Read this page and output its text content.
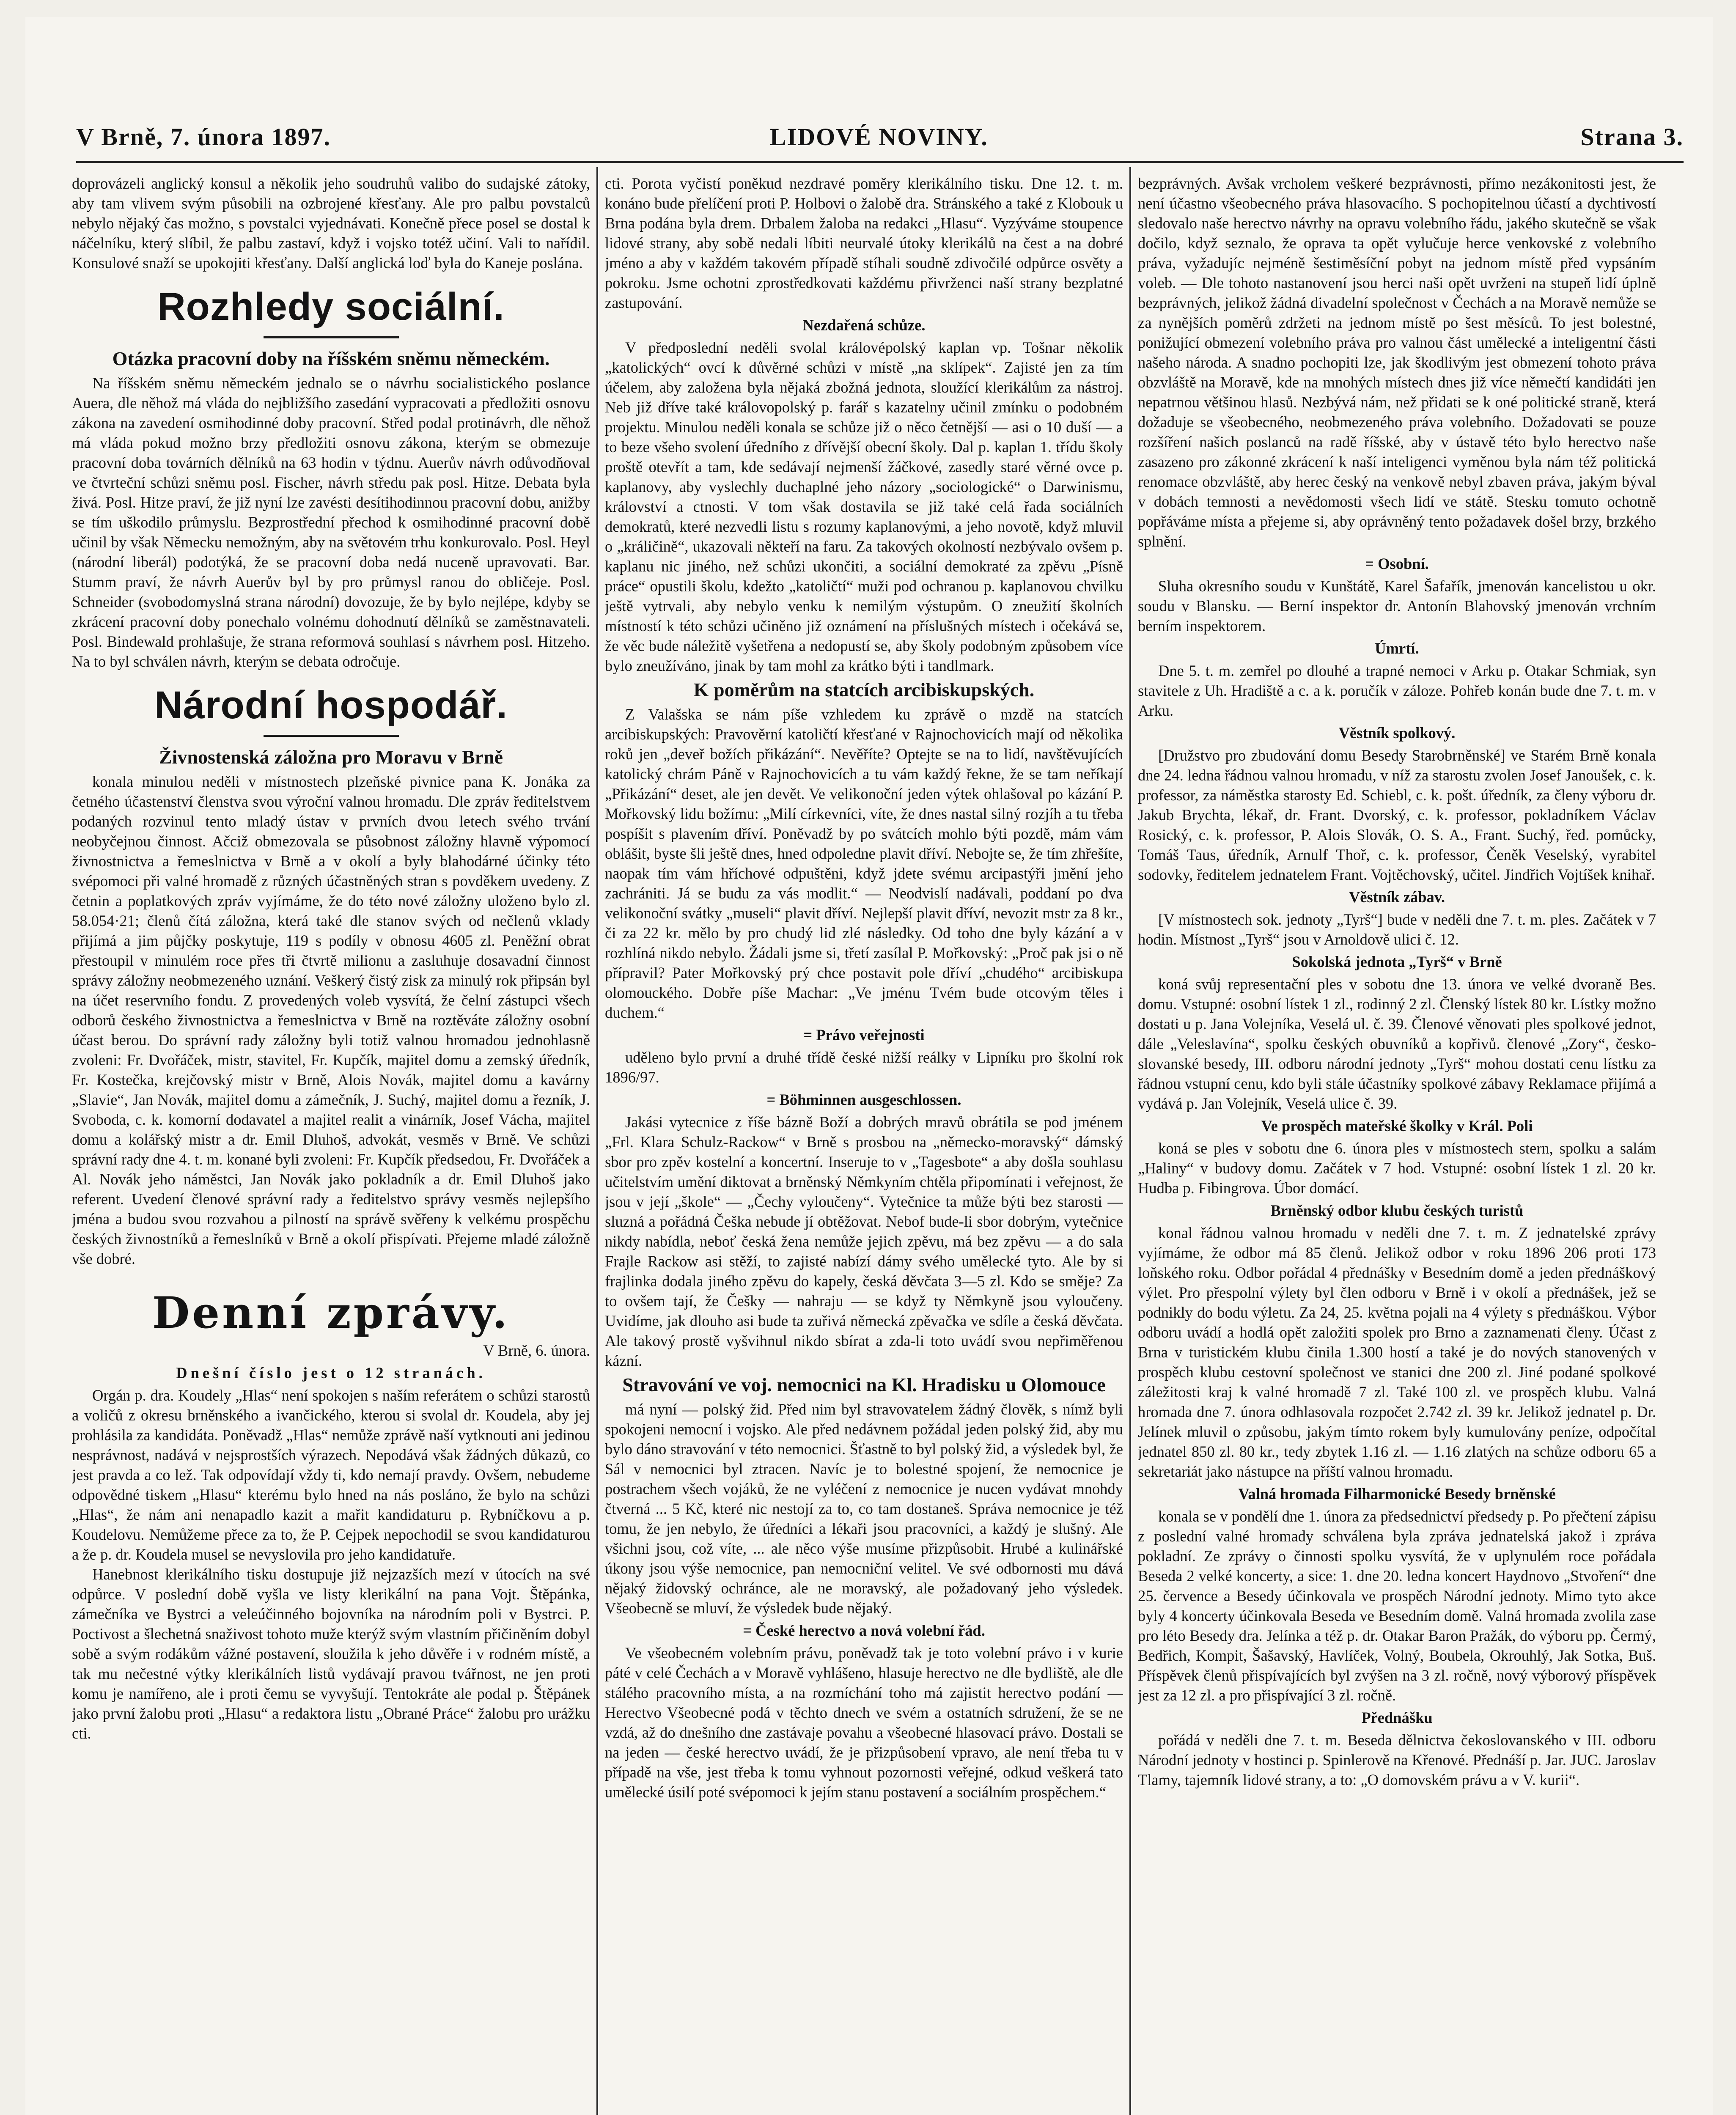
V Brně, 7. února 1897.	LIDOVÉ NOVINY.	Strana 3.

doprovázeli anglický konsul a několik jeho soudruhů valibo do sudajské zátoky, aby tam vlivem svým působili na ozbrojené křesťany. Ale pro palbu povstalců nebylo nějaký čas možno, s povstalci vyjednávati. Konečně přece posel se dostal k náčelníku, který slíbil, že palbu zastaví, když i vojsko totéž učiní. Vali to nařídil. Konsulové snaží se upokojiti křesťany. Další anglická loď byla do Kaneje poslána.

Rozhledy sociální.
Otázka pracovní doby na říšském sněmu německém.

Na říšském sněmu německém jednalo se o návrhu socialistického poslance Auera, dle něhož má vláda do nejbližšího zasedání vypracovati a předložiti osnovu zákona na zavedení osmihodinné doby pracovní. Střed podal protinávrh, dle něhož má vláda pokud možno brzy předložiti osnovu zákona, kterým se obmezuje pracovní doba továrních dělníků na 63 hodin v týdnu. Auerův návrh odůvodňoval ve čtvrteční schůzi sněmu posl. Fischer, návrh středu pak posl. Hitze. Debata byla živá. Posl. Hitze praví, že již nyní lze zavésti desítihodinnou pracovní dobu, anižby se tím uškodilo průmyslu. Bezprostřední přechod k osmihodinné pracovní době učinil by však Německu nemožným, aby na světovém trhu konkurovalo. Posl. Heyl (národní liberál) podotýká, že se pracovní doba nedá nuceně upravovati. Bar. Stumm praví, že návrh Auerův byl by pro průmysl ranou do obličeje. Posl. Schneider (svobodomyslná strana národní) dovozuje, že by bylo nejlépe, kdyby se zkrácení pracovní doby ponechalo volnému dohodnutí dělníků se zaměstnavateli. Posl. Bindewald prohlašuje, že strana reformová souhlasí s návrhem posl. Hitzeho. Na to byl schválen návrh, kterým se debata odročuje.

Národní hospodář.
Živnostenská záložna pro Moravu v Brně

konala minulou neděli v místnostech plzeňské pivnice pana K. Jonáka za četného účastenství členstva svou výroční valnou hromadu. Dle zpráv ředitelstvem podaných rozvinul tento mladý ústav v prvních dvou letech svého trvání neobyčejnou činnost. Ačciž obmezovala se působnost záložny hlavně výpomocí živnostnictva a řemeslnictva v Brně a v okolí a byly blahodárné účinky této svépomoci při valné hromadě z různých účastněných stran s povděkem uvedeny. Z četnin a poplatkových zpráv vyjímáme, že do této nové záložny uloženo bylo zl. 58.054·21; členů čítá záložna, která také dle stanov svých od nečlenů vklady přijímá a jim půjčky poskytuje, 119 s podíly v obnosu 4605 zl. Peněžní obrat přestoupil v minulém roce přes tři čtvrtě milionu a zasluhuje dosavadní činnost správy záložny neobmezeného uznání. Veškerý čistý zisk za minulý rok připsán byl na účet reservního fondu. Z provedených voleb vysvítá, že čelní zástupci všech odborů českého živnostnictva a řemeslnictva v Brně na roztěváte záložny osobní účast berou. Do správní rady záložny byli totiž valnou hromadou jednohlasně zvoleni: Fr. Dvořáček, mistr, stavitel, Fr. Kupčík, majitel domu a zemský úředník, Fr. Kostečka, krejčovský mistr v Brně, Alois Novák, majitel domu a kavárny „Slavie“, Jan Novák, majitel domu a zámečník, J. Suchý, majitel domu a řezník, J. Svoboda, c. k. komorní dodavatel a majitel realit a vinárník, Josef Vácha, majitel domu a kolářský mistr a dr. Emil Dluhoš, advokát, vesměs v Brně. Ve schůzi správní rady dne 4. t. m. konané byli zvoleni: Fr. Kupčík předsedou, Fr. Dvořáček a Al. Novák jeho náměstci, Jan Novák jako pokladník a dr. Emil Dluhoš jako referent. Uvedení členové správní rady a ředitelstvo správy vesměs nejlepšího jména a budou svou rozvahou a pilností na správě svěřeny k velkému prospěchu českých živnostníků a řemeslníků v Brně a okolí přispívati. Přejeme mladé záložně vše dobré.

Denní zprávy.

V Brně, 6. února.

Dnešní číslo jest o 12 stranách.

Orgán p. dra. Koudely „Hlas“ není spokojen s naším referátem o schůzi starostů a voličů z okresu brněnského a ivančického, kterou si svolal dr. Koudela, aby jej prohlásila za kandidáta. Poněvadž „Hlas“ nemůže zprávě naší vytknouti ani jedinou nesprávnost, nadává v nejsprostších výrazech. Nepodává však žádných důkazů, co jest pravda a co lež. Tak odpovídají vždy ti, kdo nemají pravdy. Ovšem, nebudeme odpovědné tiskem „Hlasu“ kterému bylo hned na nás posláno, že bylo na schůzi „Hlas“, že nám ani nenapadlo kazit a mařit kandidaturu p. Rybníčkovu a p. Koudelovu. Nemůžeme přece za to, že P. Cejpek nepochodil se svou kandidaturou a že p. dr. Koudela musel se nevyslovila pro jeho kandidatuře.

Hanebnost klerikálního tisku dostupuje již nejzazších mezí v útocích na své odpůrce. V poslední době vyšla ve listy klerikální na pana Vojt. Štěpánka, zámečníka ve Bystrci a veleúčinného bojovníka na národním poli v Bystrci. P. Poctivost a šlechetná snaživost tohoto muže kterýž svým vlastním přičiněním dobyl sobě a svým rodákům vážné postavení, sloužila k jeho důvěře i v rodném místě, a tak mu nečestné výtky klerikálních listů vydávají pravou tvářnost, ne jen proti komu je namířeno, ale i proti čemu se vyvyšují. Tentokráte ale podal p. Štěpánek jako první žalobu proti „Hlasu“ a redaktora listu „Obrané Práce“ žalobu pro urážku cti.

cti. Porota vyčistí poněkud nezdravé poměry klerikálního tisku. Dne 12. t. m. konáno bude přelíčení proti P. Holbovi o žalobě dra. Stránského a také z Klobouk u Brna podána byla drem. Drbalem žaloba na redakci „Hlasu“. Vyzýváme stoupence lidové strany, aby sobě nedali líbiti neurvalé útoky klerikálů na čest a na dobré jméno a aby v každém takovém případě stíhali soudně zdivočilé odpůrce osvěty a pokroku. Jsme ochotni zprostředkovati každému přivrženci naší strany bezplatné zastupování.

Nezdařená schůze.

V předposlední neděli svolal královépolský kaplan vp. Tošnar několik „katolických“ ovcí k důvěrné schůzi v místě „na sklípek“. Zajisté jen za tím účelem, aby založena byla nějaká zbožná jednota, sloužící klerikálům za nástroj. Neb již dříve také královopolský p. farář s kazatelny učinil zmínku o podobném projektu. Minulou neděli konala se schůze již o něco četnější — asi o 10 duší — a to beze všeho svolení úředního z dřívější obecní školy. Dal p. kaplan 1. třídu školy proště otevřít a tam, kde sedávají nejmenší žáčkové, zasedly staré věrné ovce p. kaplanovy, aby vyslechly duchaplné jeho názory „sociologické“ o Darwinismu, království a ctnosti. V tom však dostavila se již také celá řada sociálních demokratů, které nezvedli listu s rozumy kaplanovými, a jeho novotě, když mluvil o „králičině“, ukazovali někteří na faru. Za takových okolností nezbývalo ovšem p. kaplanu nic jiného, než schůzi ukončiti, a sociální demokraté za zpěvu „Písně práce“ opustili školu, kdežto „katoličtí“ muži pod ochranou p. kaplanovou chvilku ještě vytrvali, aby nebylo venku k nemilým výstupům. O zneužití školních místností k této schůzi učiněno již oznámení na příslušných místech i očekává se, že věc bude náležitě vyšetřena a nedopustí se, aby školy podobným způsobem více bylo zneužíváno, jinak by tam mohl za krátko býti i tandlmark.

K poměrům na statcích arcibiskupských.

Z Valašska se nám píše vzhledem ku zprávě o mzdě na statcích arcibiskupských: Pravověrní katoličtí křesťané v Rajnochovicích mají od několika roků jen „deveř božích přikázání“. Nevěříte? Optejte se na to lidí, navštěvujících katolický chrám Páně v Rajnochovicích a tu vám každý řekne, že se tam neříkají „Přikázání“ deset, ale jen devět. Ve velikonoční jeden výtek ohlašoval po kázání P. Mořkovský lidu božímu: „Milí církevníci, víte, že dnes nastal silný rozjíh a tu třeba pospíšit s plavením dříví. Poněvadž by po svátcích mohlo býti pozdě, mám vám oblášit, byste šli ještě dnes, hned odpoledne plavit dříví. Nebojte se, že tím zhřešíte, naopak tím vám hříchové odpuštěni, když jdete svému arcipastýři jmění jeho zachrániti. Já se budu za vás modlit.“ — Neodvislí nadávali, poddaní po dva velikonoční svátky „museli“ plavit dříví. Nejlepší plavit dříví, nevozit mstr za 8 kr., či za 22 kr. mělo by pro chudý lid zlé následky. Od toho dne byly kázání a v rozhlíná nikdo nebylo. Žádali jsme si, třetí zasílal P. Mořkovský: „Proč pak jsi o ně přípravil? Pater Mořkovský prý chce postavit pole dříví „chudého“ arcibiskupa olomouckého. Dobře píše Machar: „Ve jménu Tvém bude otcovým těles i duchem.“

= Právo veřejnosti

uděleno bylo první a druhé třídě české nižší reálky v Lipníku pro školní rok 1896/97.

= Böhminnen ausgeschlossen.

Jakási vytecnice z říše bázně Boží a dobrých mravů obrátila se pod jménem „Frl. Klara Schulz-Rackow“ v Brně s prosbou na „německo-moravský“ dámský sbor pro zpěv kostelní a koncertní. Inseruje to v „Tagesbote“ a aby došla souhlasu učitelstvím umění diktovat a brněnský Němkyním chtěla připomínati i veřejnost, že jsou v její „škole“ — „Čechy vyloučeny“. Vytečnice ta může býti bez starosti — sluzná a pořádná Češka nebude jí obtěžovat. Nebof bude-li sbor dobrým, vytečnice nikdy nabídla, neboť česká žena nemůže jejich zpěvu, má bez zpěvu — a do sala Frajle Rackow asi stěží, to zajisté nabízí dámy svého umělecké tyto. Ale by si frajlinka dodala jiného zpěvu do kapely, česká děvčata 3—5 zl. Kdo se směje? Za to ovšem tají, že Češky — nahraju — se když ty Němkyně jsou vyloučeny. Uvidíme, jak dlouho asi bude ta zuřivá německá zpěvačka ve sdíle a česká děvčata. Ale takový prostě vyšvihnul nikdo sbírat a zda-li toto uvádí svou nepřiměřenou kázní.

Stravování ve voj. nemocnici na Kl. Hradisku u Olomouce

má nyní — polský žid. Před nim byl stravovatelem žádný člověk, s nímž byli spokojeni nemocní i vojsko. Ale před nedávnem požádal jeden polský žid, aby mu bylo dáno stravování v této nemocnici. Šťastně to byl polský žid, a výsledek byl, že Sál v nemocnici byl ztracen. Navíc je to bolestné spojení, že nemocnice je postrachem všech vojáků, že ne vyléčení z nemocnice je nucen vydávat mnohdy čtverná ... 5 Kč, které nic nestojí za to, co tam dostaneš. Správa nemocnice je též tomu, že jen nebylo, že úředníci a lékaři jsou pracovníci, a každý je slušný. Ale všichni jsou, což víte, ... ale něco výše musíme přizpůsobit. Hrubé a kulinářské úkony jsou výše nemocnice, pan nemocniční velitel. Ve své odbornosti mu dává nějaký židovský ochránce, ale ne moravský, ale požadovaný jeho výsledek. Všeobecně se mluví, že výsledek bude nějaký.

= České herectvo a nová volební řád.

Ve všeobecném volebním právu, poněvadž tak je toto volební právo i v kurie páté v celé Čechách a v Moravě vyhlášeno, hlasuje herectvo ne dle bydliště, ale dle stálého pracovního místa, a na rozmíchání toho má zajistit herectvo podání — Herectvo Všeobecné podá v těchto dnech ve svém a ostatních sdružení, že se ne vzdá, až do dnešního dne zastávaje povahu a všeobecné hlasovací právo. Dostali se na jeden — české herectvo uvádí, že je přizpůsobení vpravo, ale není třeba tu v případě na vše, jest třeba k tomu vyhnout pozornosti veřejné, odkud veškerá tato umělecké úsilí poté svépomoci k jejím stanu postavení a sociálním prospěchem.“

bezprávných. Avšak vrcholem veškeré bezprávnosti, přímo nezákonitosti jest, že není účastno všeobecného práva hlasovacího. S pochopitelnou účastí a dychtivostí sledovalo naše herectvo návrhy na opravu volebního řádu, jakého skutečně se však dočilo, když seznalo, že oprava ta opět vylučuje herce venkovské z volebního práva, vyžadujíc nejméně šestiměsíční pobyt na jednom místě před vypsáním voleb. — Dle tohoto nastanovení jsou herci naši opět uvrženi na stupeň lidí úplně bezprávných, jelikož žádná divadelní společnost v Čechách a na Moravě nemůže se za nynějších poměrů zdržeti na jednom místě po šest měsíců. To jest bolestné, ponižující obmezení volebního práva pro valnou část umělecké a inteligentní části našeho národa. A snadno pochopiti lze, jak škodlivým jest obmezení tohoto práva obzvláště na Moravě, kde na mnohých místech dnes již více němečtí kandidáti jen nepatrnou většinou hlasů. Nezbývá nám, než přidati se k oné politické straně, která dožaduje se všeobecného, neobmezeného práva volebního. Dožadovati se pouze rozšíření našich poslanců na radě říšské, aby v ústavě této bylo herectvo naše zasazeno pro zákonné zkrácení k naší inteligenci vyměnou byla nám též politická renomace obzvláště, aby herec český na venkově nebyl zbaven práva, jakým býval v dobách temnosti a nevědomosti všech lidí ve státě. Stesku tomuto ochotně popřáváme místa a přejeme si, aby oprávněný tento požadavek došel brzy, brzkého splnění.

= Osobní.

Sluha okresního soudu v Kunštátě, Karel Šafařík, jmenován kancelistou u okr. soudu v Blansku. — Berní inspektor dr. Antonín Blahovský jmenován vrchním berním inspektorem.

Úmrtí.

Dne 5. t. m. zemřel po dlouhé a trapné nemoci v Arku p. Otakar Schmiak, syn stavitele z Uh. Hradiště a c. a k. poručík v záloze. Pohřeb konán bude dne 7. t. m. v Arku.

Věstník spolkový.

[Družstvo pro zbudování domu Besedy Starobrněnské] ve Starém Brně konala dne 24. ledna řádnou valnou hromadu, v níž za starostu zvolen Josef Janoušek, c. k. professor, za náměstka starosty Ed. Schiebl, c. k. pošt. úředník, za členy výboru dr. Jakub Brychta, lékař, dr. Frant. Dvorský, c. k. professor, pokladníkem Václav Rosický, c. k. professor, P. Alois Slovák, O. S. A., Frant. Suchý, řed. pomůcky, Tomáš Taus, úředník, Arnulf Thoř, c. k. professor, Čeněk Veselský, vyrabitel sodovky, ředitelem jednatelem Frant. Vojtěchovský, učitel. Jindřich Vojtíšek knihař.

Věstník zábav.

[V místnostech sok. jednoty „Tyrš“] bude v neděli dne 7. t. m. ples. Začátek v 7 hodin. Místnost „Tyrš“ jsou v Arnoldově ulici č. 12.

Sokolská jednota „Tyrš“ v Brně

koná svůj representační ples v sobotu dne 13. února ve velké dvoraně Bes. domu. Vstupné: osobní lístek 1 zl., rodinný 2 zl. Členský lístek 80 kr. Lístky možno dostati u p. Jana Volejníka, Veselá ul. č. 39. Členové věnovati ples spolkové jednot, dále „Veleslavína“, spolku českých obuvníků a kopřivů. členové „Zory“, česko-slovanské besedy, III. odboru národní jednoty „Tyrš“ mohou dostati cenu lístku za řádnou vstupní cenu, kdo byli stále účastníky spolkové zábavy Reklamace přijímá a vydává p. Jan Volejník, Veselá ulice č. 39.

Ve prospěch mateřské školky v Král. Poli

koná se ples v sobotu dne 6. února ples v místnostech stern, spolku a salám „Haliny“ v budovy domu. Začátek v 7 hod. Vstupné: osobní lístek 1 zl. 20 kr. Hudba p. Fibingrova. Úbor domácí.

Brněnský odbor klubu českých turistů

konal řádnou valnou hromadu v neděli dne 7. t. m. Z jednatelské zprávy vyjímáme, že odbor má 85 členů. Jelikož odbor v roku 1896 206 proti 173 loňského roku. Odbor pořádal 4 přednášky v Besedním domě a jeden přednáškový výlet. Pro přespolní výlety byl člen odboru v Brně i v okolí a přednášek, jež se podnikly do bodu výletu. Za 24, 25. května pojali na 4 výlety s přednáškou. Výbor odboru uvádí a hodlá opět založiti spolek pro Brno a zaznamenati členy. Účast z Brna v turistickém klubu činila 1.300 hostí a také je do nových stanovených v prospěch klubu cestovní společnost ve stanici dne 200 zl. Jiné podané spolkové záležitosti kraj k valné hromadě 7 zl. Také 100 zl. ve prospěch klubu. Valná hromada dne 7. února odhlasovala rozpočet 2.742 zl. 39 kr. Jelikož jednatel p. Dr. Jelínek mluvil o způsobu, jakým tímto rokem byly kumulovány peníze, odpočítal jednatel 850 zl. 80 kr., tedy zbytek 1.16 zl. — 1.16 zlatých na schůze odboru 65 a sekretariát jako nástupce na příští valnou hromadu.

Valná hromada Filharmonické Besedy brněnské

konala se v pondělí dne 1. února za předsednictví předsedy p. Po přečtení zápisu z poslední valné hromady schválena byla zpráva jednatelská jakož i zpráva pokladní. Ze zprávy o činnosti spolku vysvítá, že v uplynulém roce pořádala Beseda 2 velké koncerty, a sice: 1. dne 20. ledna koncert Haydnovo „Stvoření“ dne 25. července a Besedy účinkovala ve prospěch Národní jednoty. Mimo tyto akce byly 4 koncerty účinkovala Beseda ve Besedním domě. Valná hromada zvolila zase pro léto Besedy dra. Jelínka a též p. dr. Otakar Baron Pražák, do výboru pp. Čermý, Bedřich, Kompit, Šašavský, Havlíček, Volný, Boubela, Okrouhlý, Jak Sotka, Buš. Příspěvek členů přispívajících byl zvýšen na 3 zl. ročně, nový výborový příspěvek jest za 12 zl. a pro přispívající 3 zl. ročně.

Přednášku

pořádá v neděli dne 7. t. m. Beseda dělnictva čekoslovanského v III. odboru Národní jednoty v hostinci p. Spinlerově na Křenové. Přednáší p. Jar. JUC. Jaroslav Tlamy, tajemník lidové strany, a to: „O domovském právu a v V. kurii“.
